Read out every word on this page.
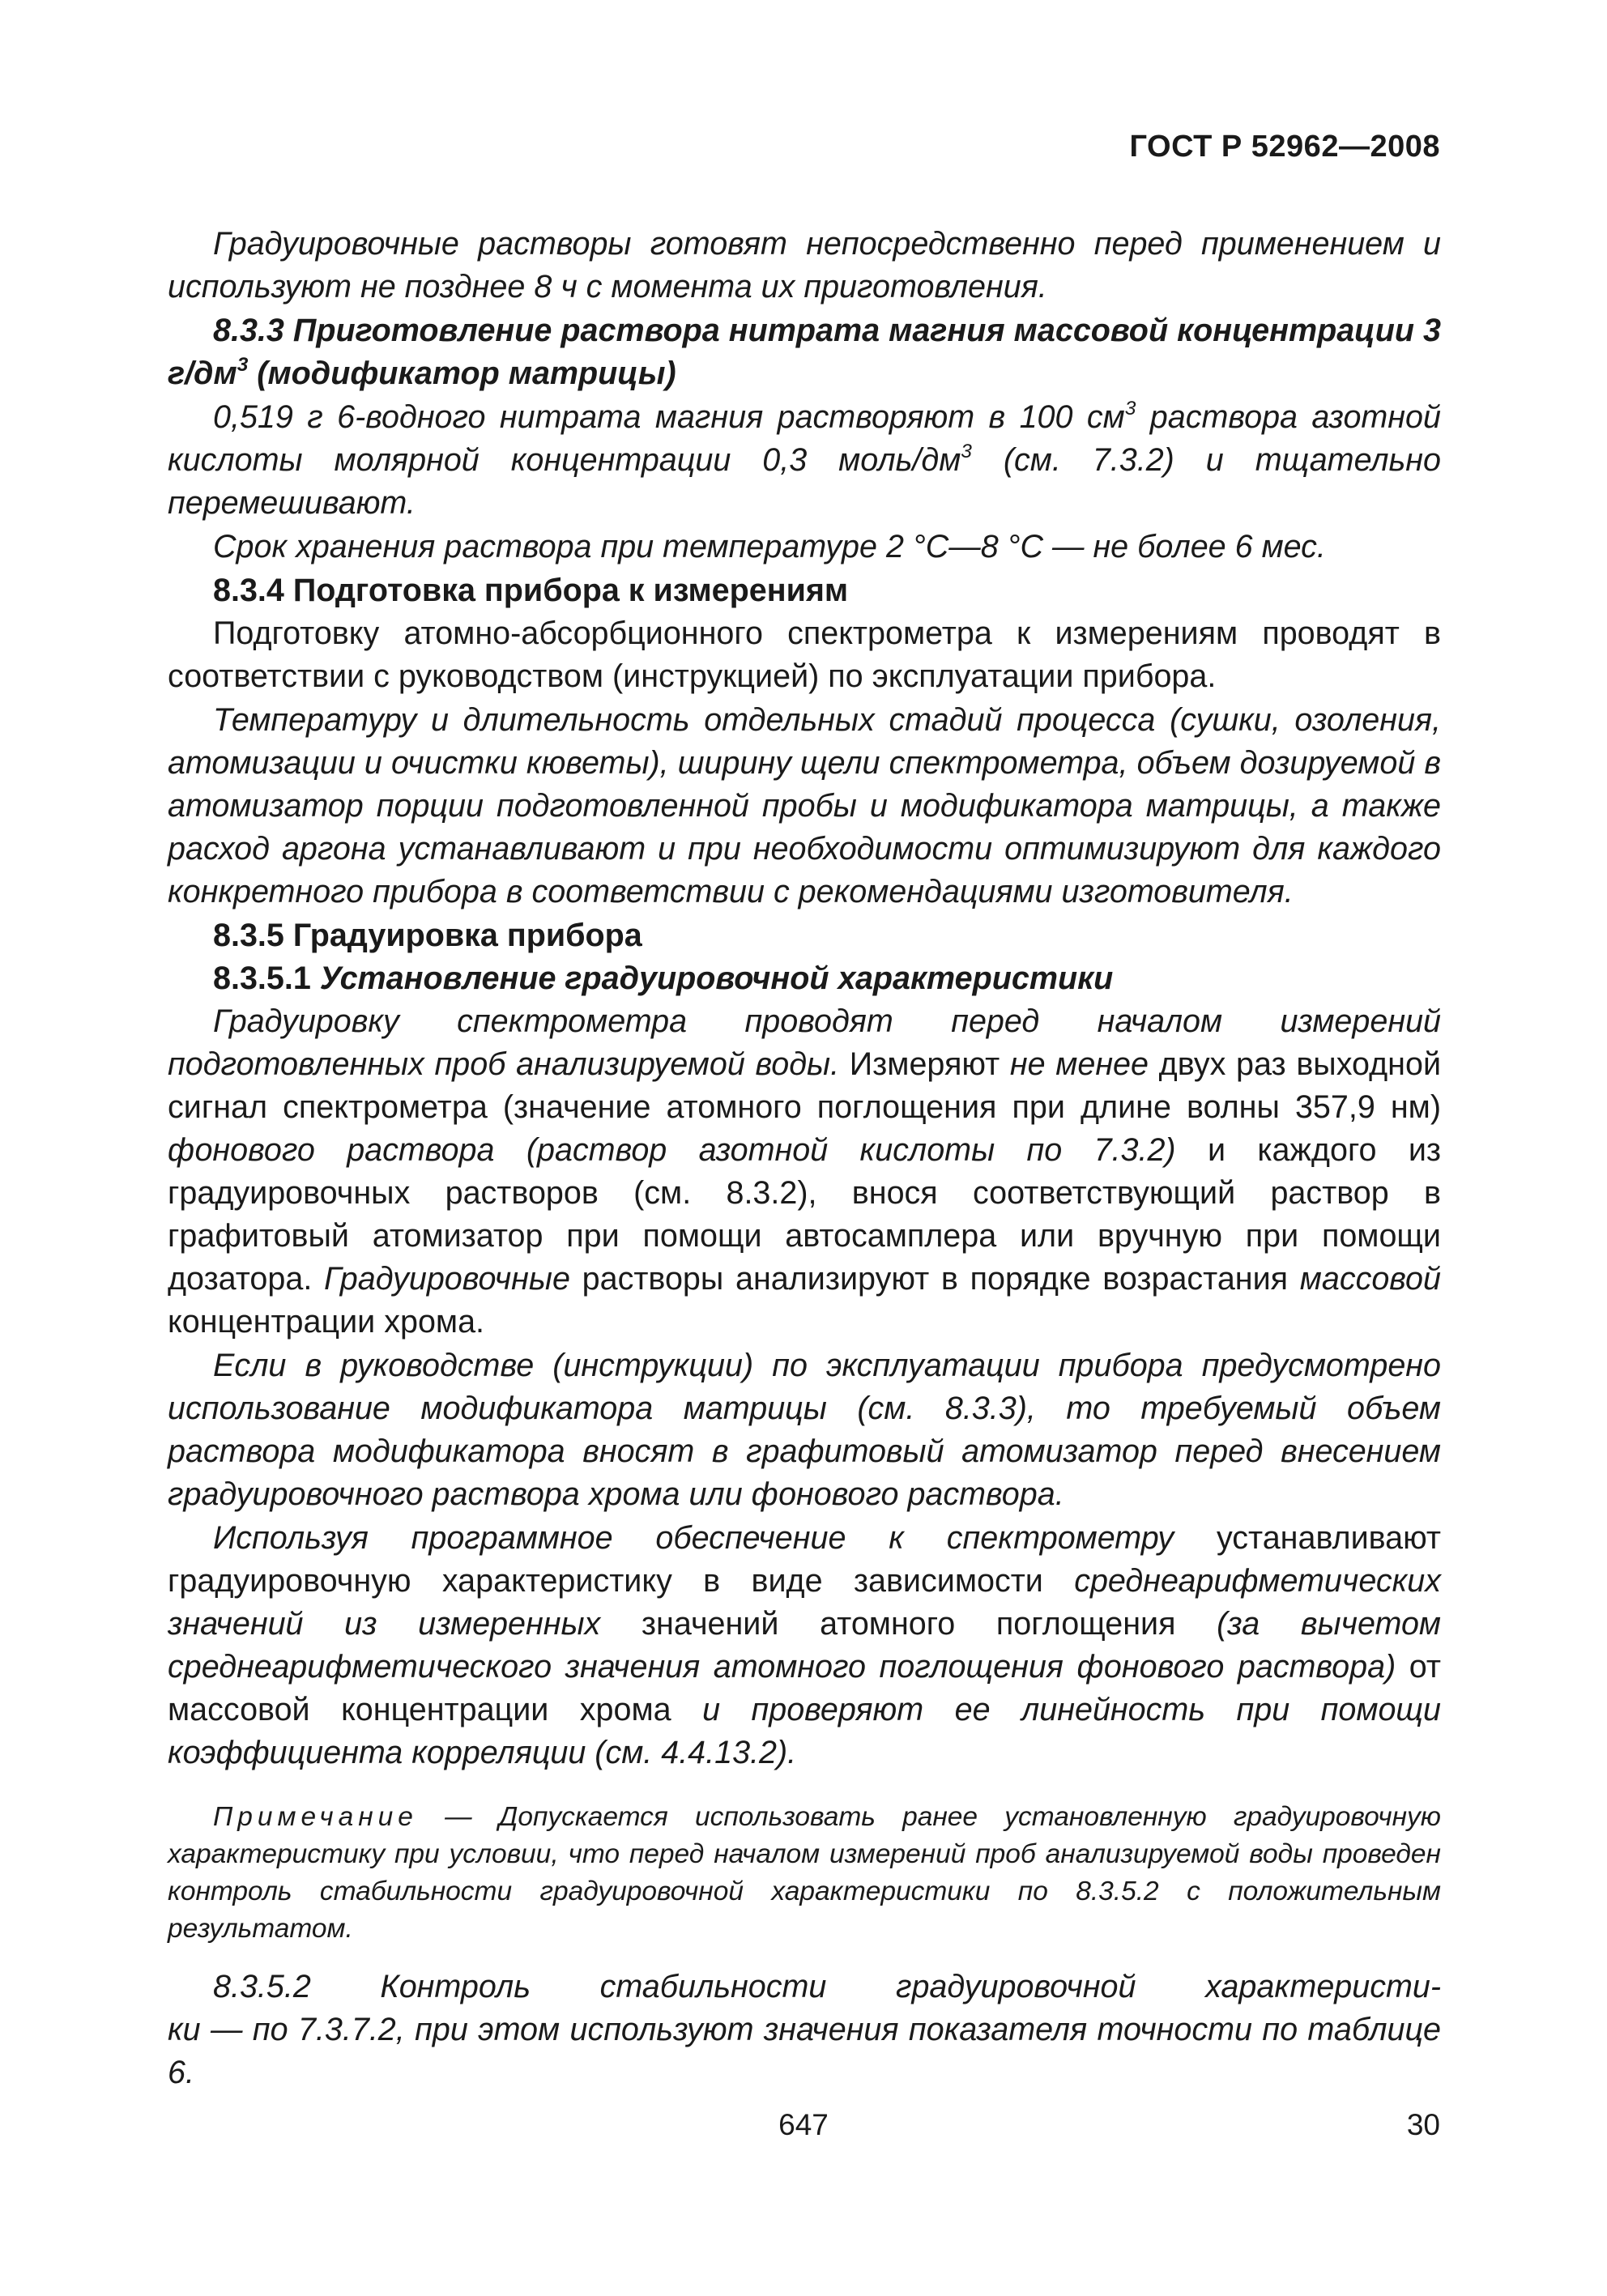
ГОСТ Р 52962—2008

Градуировочные растворы готовят непосредственно перед применением и используют не позднее 8 ч с момента их приготовления.

8.3.3 Приготовление раствора нитрата магния массовой концентрации 3 $г/дм^3$ (модификатор матрицы)

0,519 г 6-водного нитрата магния растворяют в 100 $см^3$ раствора азотной кислоты молярной концентрации 0,3 моль/$дм^3$ (см. 7.3.2) и тщательно перемешивают.

Срок хранения раствора при температуре 2 °С—8 °С — не более 6 мес.

8.3.4 Подготовка прибора к измерениям

Подготовку атомно-абсорбционного спектрометра к измерениям проводят в соответствии с руководством (инструкцией) по эксплуатации прибора.

Температуру и длительность отдельных стадий процесса (сушки, озоления, атомизации и очистки кюветы), ширину щели спектрометра, объем дозируемой в атомизатор порции подготовленной пробы и модификатора матрицы, а также расход аргона устанавливают и при необходимости оптимизируют для каждого конкретного прибора в соответствии с рекомендациями изготовителя.

8.3.5 Градуировка прибора

8.3.5.1 Установление градуировочной характеристики

Градуировку спектрометра проводят перед началом измерений подготовленных проб анализируемой воды. Измеряют не менее двух раз выходной сигнал спектрометра (значение атомного поглощения при длине волны 357,9 нм) фонового раствора (раствор азотной кислоты по 7.3.2) и каждого из градуировочных растворов (см. 8.3.2), внося соответствующий раствор в графитовый атомизатор при помощи автосамплера или вручную при помощи дозатора. Градуировочные растворы анализируют в порядке возрастания массовой концентрации хрома.

Если в руководстве (инструкции) по эксплуатации прибора предусмотрено использование модификатора матрицы (см. 8.3.3), то требуемый объем раствора модификатора вносят в графитовый атомизатор перед внесением градуировочного раствора хрома или фонового раствора.

Используя программное обеспечение к спектрометру устанавливают градуировочную характеристику в виде зависимости среднеарифметических значений из измеренных значений атомного поглощения (за вычетом среднеарифметического значения атомного поглощения фонового раствора) от массовой концентрации хрома и проверяют ее линейность при помощи коэффициента корреляции (см. 4.4.13.2).

Примечание — Допускается использовать ранее установленную градуировочную характеристику при условии, что перед началом измерений проб анализируемой воды проведен контроль стабильности градуировочной характеристики по 8.3.5.2 с положительным результатом.

8.3.5.2 Контроль стабильности градуировочной характеристи-

ки — по 7.3.7.2, при этом используют значения показателя точности по таблице 6.

647	30
